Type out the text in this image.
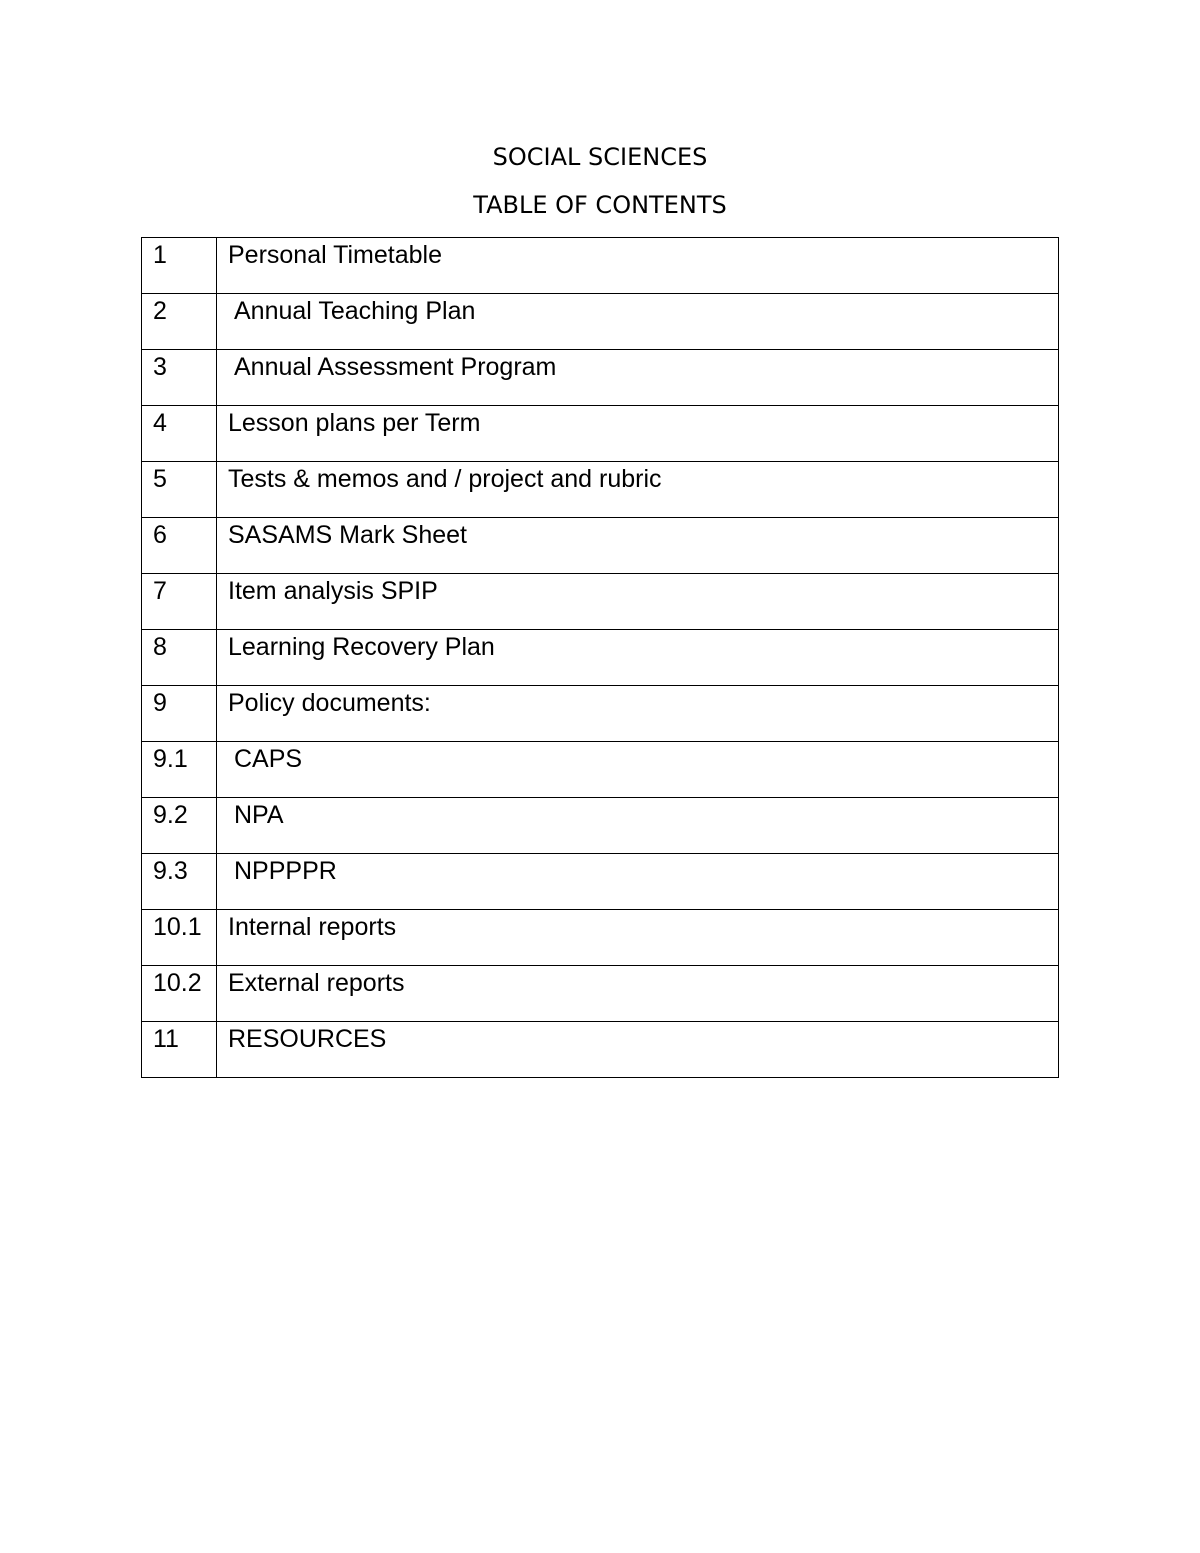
SOCIAL SCIENCES
TABLE OF CONTENTS
1	Personal Timetable
2	Annual Teaching Plan
3	Annual Assessment Program
4	Lesson plans per Term
5	Tests & memos and / project and rubric
6	SASAMS Mark Sheet
7	Item analysis SPIP
8	Learning Recovery Plan
9	Policy documents:
9.1	CAPS
9.2	NPA
9.3	NPPPPR
10.1	Internal reports
10.2	External reports
11	RESOURCES
